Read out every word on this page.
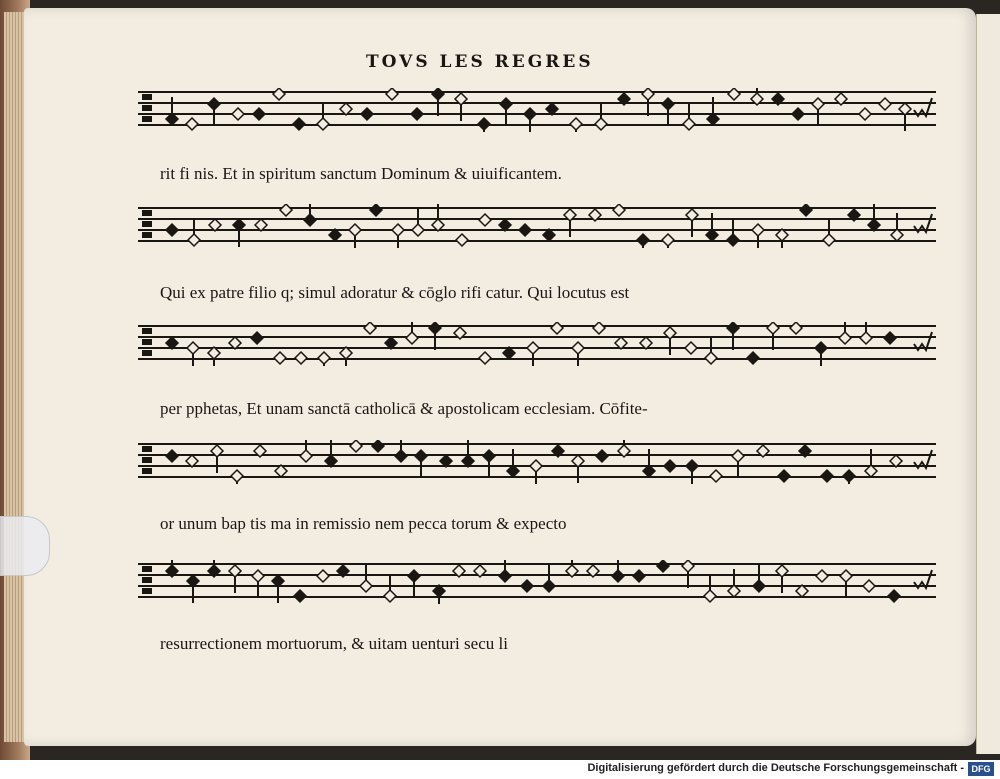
TOVS LES REGRES
rit fi nis. Et in spiritum sanctum Dominum & uiuificantem.
Qui ex patre filio q; simul adoratur & cōglo rifi catur. Qui locutus est
per pphetas, Et unam sanctā catholicā & apostolicam ecclesiam. Cōfite-
or unum bap tis ma in remissio nem pecca torum & expecto
resurrectionem mortuorum, & uitam uenturi secu li
Digitalisierung gefördert durch die Deutsche Forschungsgemeinschaft - DFG
